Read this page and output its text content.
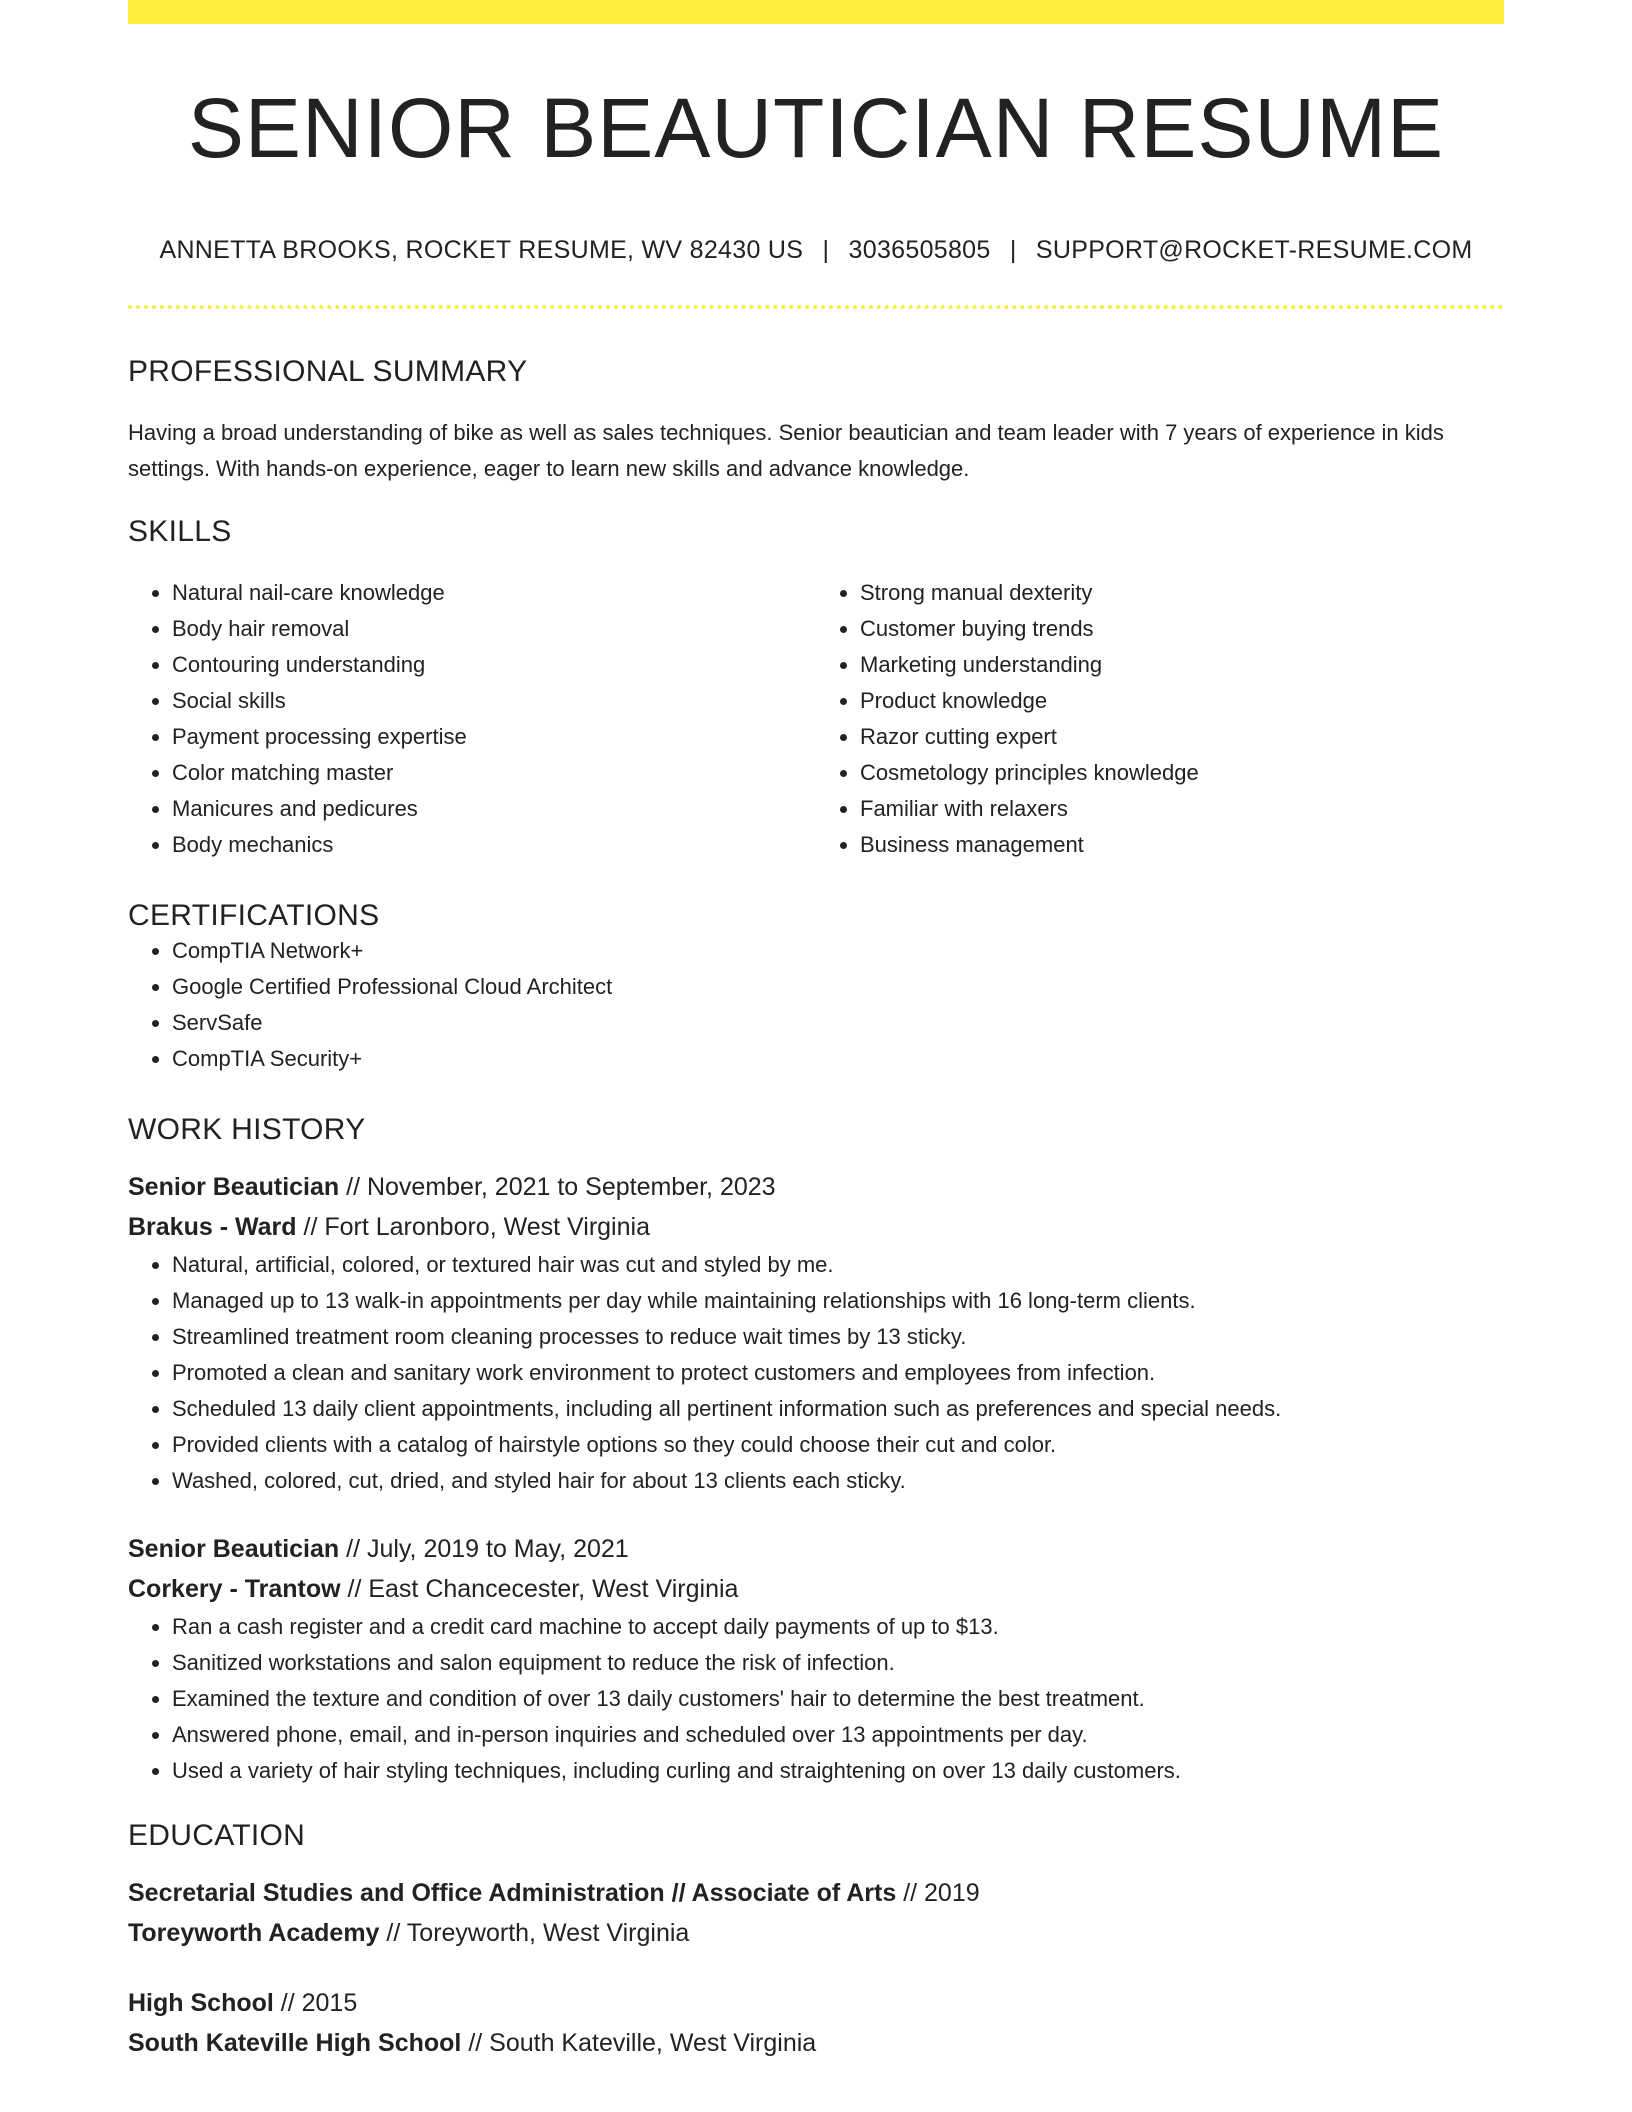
SENIOR BEAUTICIAN RESUME
ANNETTA BROOKS, ROCKET RESUME, WV 82430 US | 3036505805 | SUPPORT@ROCKET-RESUME.COM
PROFESSIONAL SUMMARY
Having a broad understanding of bike as well as sales techniques. Senior beautician and team leader with 7 years of experience in kids settings. With hands-on experience, eager to learn new skills and advance knowledge.
SKILLS
• Natural nail-care knowledge
• Body hair removal
• Contouring understanding
• Social skills
• Payment processing expertise
• Color matching master
• Manicures and pedicures
• Body mechanics
• Strong manual dexterity
• Customer buying trends
• Marketing understanding
• Product knowledge
• Razor cutting expert
• Cosmetology principles knowledge
• Familiar with relaxers
• Business management
CERTIFICATIONS
• CompTIA Network+
• Google Certified Professional Cloud Architect
• ServSafe
• CompTIA Security+
WORK HISTORY
Senior Beautician // November, 2021 to September, 2023
Brakus - Ward // Fort Laronboro, West Virginia
• Natural, artificial, colored, or textured hair was cut and styled by me.
• Managed up to 13 walk-in appointments per day while maintaining relationships with 16 long-term clients.
• Streamlined treatment room cleaning processes to reduce wait times by 13 sticky.
• Promoted a clean and sanitary work environment to protect customers and employees from infection.
• Scheduled 13 daily client appointments, including all pertinent information such as preferences and special needs.
• Provided clients with a catalog of hairstyle options so they could choose their cut and color.
• Washed, colored, cut, dried, and styled hair for about 13 clients each sticky.
Senior Beautician // July, 2019 to May, 2021
Corkery - Trantow // East Chancecester, West Virginia
• Ran a cash register and a credit card machine to accept daily payments of up to $13.
• Sanitized workstations and salon equipment to reduce the risk of infection.
• Examined the texture and condition of over 13 daily customers' hair to determine the best treatment.
• Answered phone, email, and in-person inquiries and scheduled over 13 appointments per day.
• Used a variety of hair styling techniques, including curling and straightening on over 13 daily customers.
EDUCATION
Secretarial Studies and Office Administration // Associate of Arts // 2019
Toreyworth Academy // Toreyworth, West Virginia
High School // 2015
South Kateville High School // South Kateville, West Virginia
